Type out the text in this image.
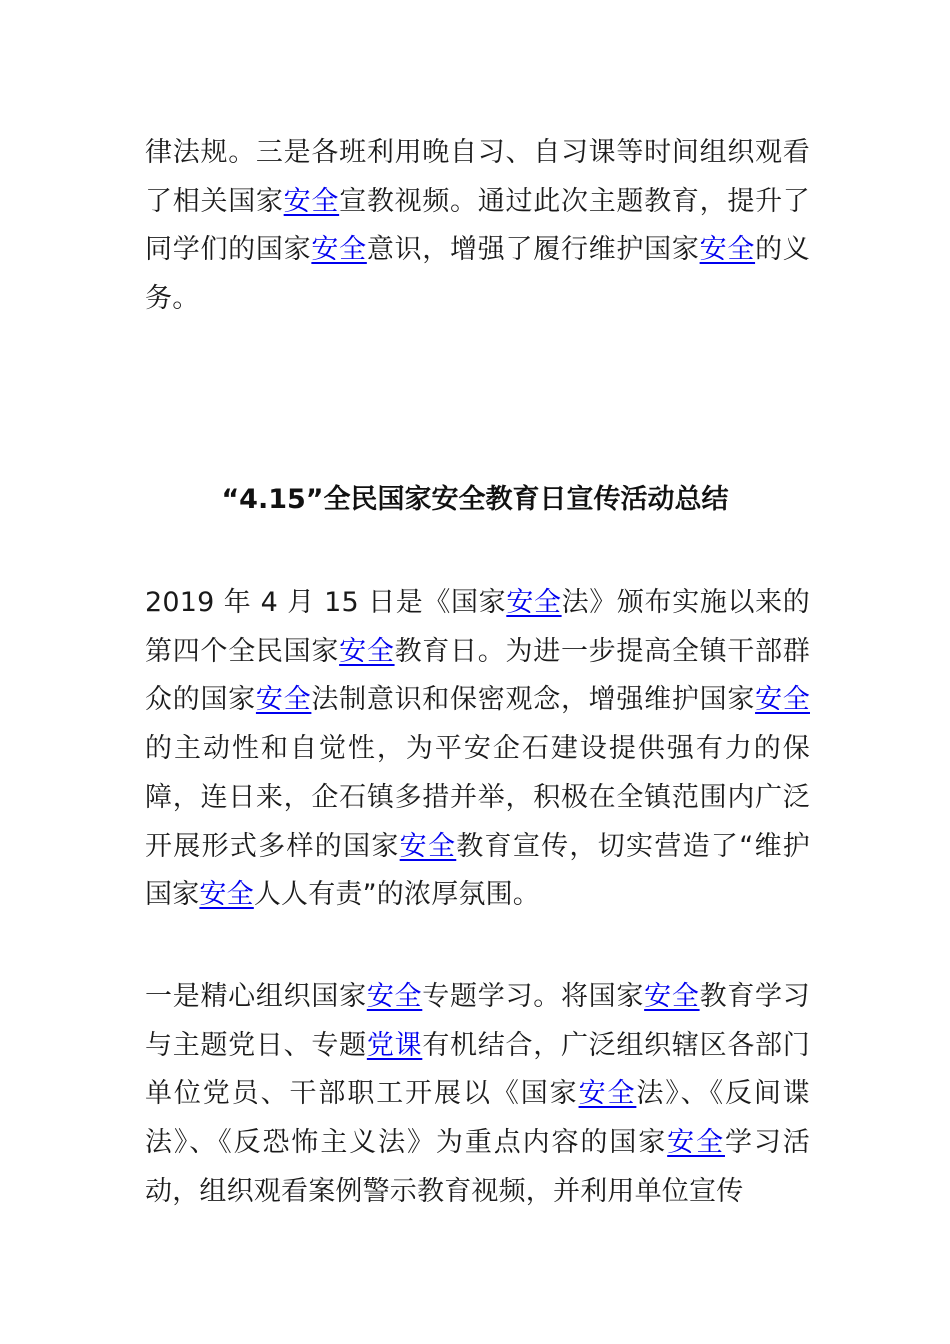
律法规。三是各班利用晚自习、自习课等时间组织观看了相关国家安全宣教视频。通过此次主题教育，提升了同学们的国家安全意识，增强了履行维护国家安全的义务。

“4.15”全民国家安全教育日宣传活动总结

2019 年 4 月 15 日是《国家安全法》颁布实施以来的第四个全民国家安全教育日。为进一步提高全镇干部群众的国家安全法制意识和保密观念，增强维护国家安全的主动性和自觉性，为平安企石建设提供强有力的保障，连日来，企石镇多措并举，积极在全镇范围内广泛开展形式多样的国家安全教育宣传，切实营造了“维护国家安全人人有责”的浓厚氛围。

一是精心组织国家安全专题学习。将国家安全教育学习与主题党日、专题党课有机结合，广泛组织辖区各部门单位党员、干部职工开展以《国家安全法》、《反间谍法》、《反恐怖主义法》为重点内容的国家安全学习活动，组织观看案例警示教育视频，并利用单位宣传
